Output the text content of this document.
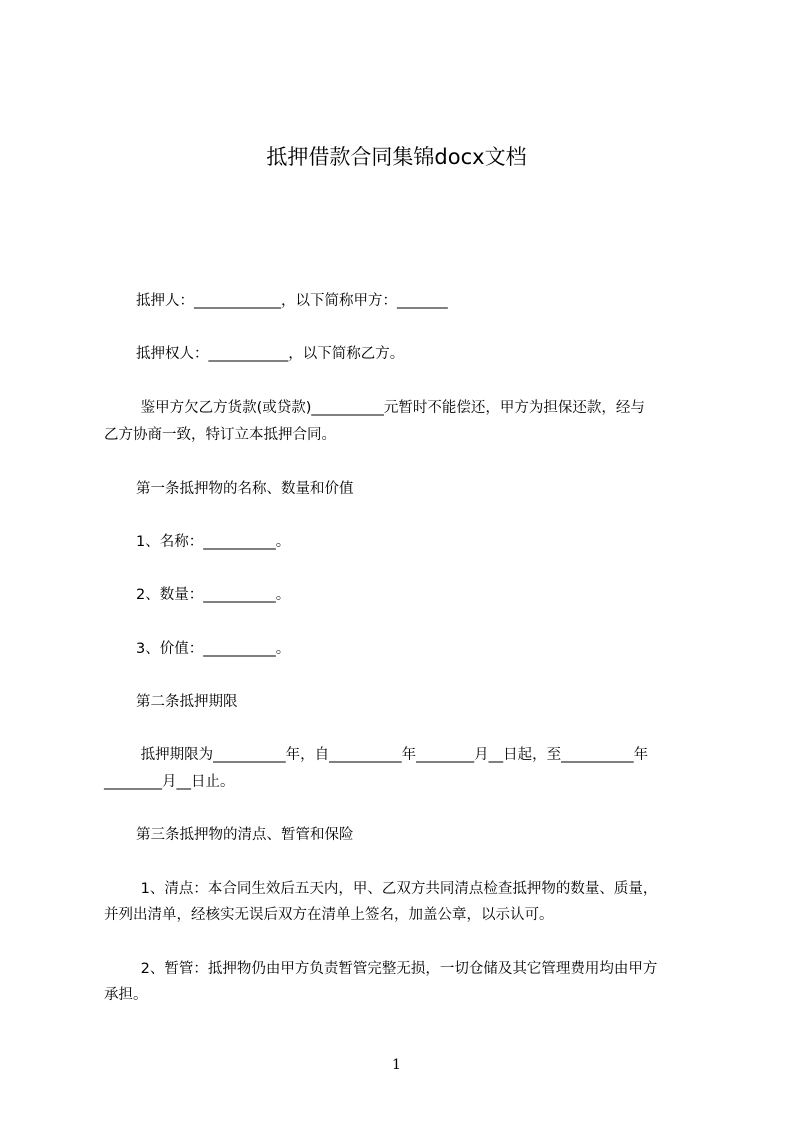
抵押借款合同集锦docx文档

抵押人：____________，以下简称甲方：_______

抵押权人：___________，以下简称乙方。

鉴甲方欠乙方货款(或贷款)__________元暂时不能偿还，甲方为担保还款，经与

乙方协商一致，特订立本抵押合同。

第一条抵押物的名称、数量和价值

1、名称：__________。

2、数量：__________。

3、价值：__________。

第二条抵押期限

抵押期限为__________年，自__________年________月__日起，至__________年

________月__日止。

第三条抵押物的清点、暂管和保险

1、清点：本合同生效后五天内，甲、乙双方共同清点检查抵押物的数量、质量，

并列出清单，经核实无误后双方在清单上签名，加盖公章，以示认可。

2、暂管：抵押物仍由甲方负责暂管完整无损，一切仓储及其它管理费用均由甲方

承担。

1
